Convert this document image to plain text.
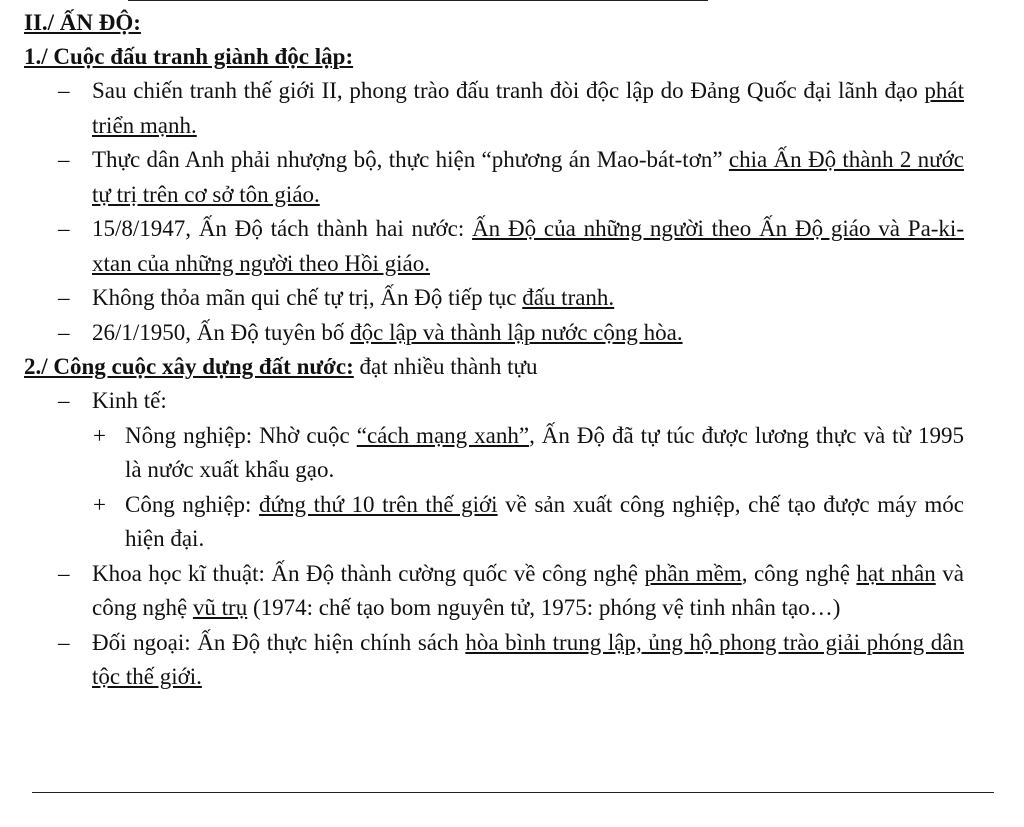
II./ ẤN ĐỘ:
1./ Cuộc đấu tranh giành độc lập:
– Sau chiến tranh thế giới II, phong trào đấu tranh đòi độc lập do Đảng Quốc đại lãnh đạo phát triển mạnh.
– Thực dân Anh phải nhượng bộ, thực hiện “phương án Mao-bát-tơn” chia Ấn Độ thành 2 nước tự trị trên cơ sở tôn giáo.
– 15/8/1947, Ấn Độ tách thành hai nước: Ấn Độ của những người theo Ấn Độ giáo và Pa-ki-xtan của những người theo Hồi giáo.
– Không thỏa mãn qui chế tự trị, Ấn Độ tiếp tục đấu tranh.
– 26/1/1950, Ấn Độ tuyên bố độc lập và thành lập nước cộng hòa.
2./ Công cuộc xây dựng đất nước: đạt nhiều thành tựu
– Kinh tế:
+ Nông nghiệp: Nhờ cuộc “cách mạng xanh”, Ấn Độ đã tự túc được lương thực và từ 1995 là nước xuất khẩu gạo.
+ Công nghiệp: đứng thứ 10 trên thế giới về sản xuất công nghiệp, chế tạo được máy móc hiện đại.
– Khoa học kĩ thuật: Ấn Độ thành cường quốc về công nghệ phần mềm, công nghệ hạt nhân và công nghệ vũ trụ (1974: chế tạo bom nguyên tử, 1975: phóng vệ tinh nhân tạo…)
– Đối ngoại: Ấn Độ thực hiện chính sách hòa bình trung lập, ủng hộ phong trào giải phóng dân tộc thế giới.
